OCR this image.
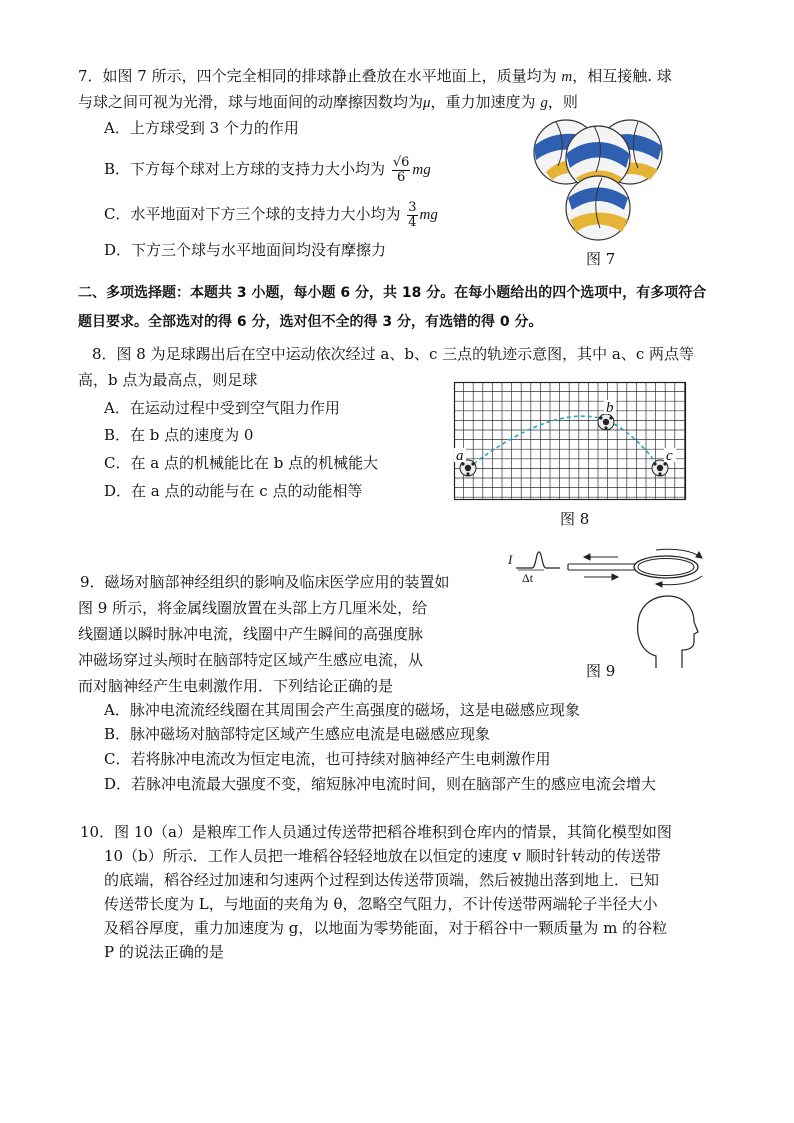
7．如图 7 所示，四个完全相同的排球静止叠放在水平地面上，质量均为 m，相互接触. 球
与球之间可视为光滑，球与地面间的动摩擦因数均为μ，重力加速度为 g，则
A．上方球受到 3 个力的作用
B．下方每个球对上方球的支持力大小均为 $\frac{√6}{6}$ mg
C．水平地面对下方三个球的支持力大小均为 $\frac{3}{4}$ mg
D．下方三个球与水平地面间均没有摩擦力	图 7
二、多项选择题：本题共 3 小题，每小题 6 分，共 18 分。在每小题给出的四个选项中，有多项符合
题目要求。全部选对的得 6 分，选对但不全的得 3 分，有选错的得 0 分。
8．图 8 为足球踢出后在空中运动依次经过 a、b、c 三点的轨迹示意图，其中 a、c 两点等
高，b 点为最高点，则足球
A．在运动过程中受到空气阻力作用
B．在 b 点的速度为 0
C．在 a 点的机械能比在 b 点的机械能大
D．在 a 点的动能与在 c 点的动能相等
a
b
c
图 8
9．磁场对脑部神经组织的影响及临床医学应用的装置如
图 9 所示，将金属线圈放置在头部上方几厘米处，给
线圈通以瞬时脉冲电流，线圈中产生瞬间的高强度脉
冲磁场穿过头颅时在脑部特定区域产生感应电流，从
而对脑神经产生电刺激作用．下列结论正确的是
A．脉冲电流流经线圈在其周围会产生高强度的磁场，这是电磁感应现象
B．脉冲磁场对脑部特定区域产生感应电流是电磁感应现象
C．若将脉冲电流改为恒定电流，也可持续对脑神经产生电刺激作用
D．若脉冲电流最大强度不变，缩短脉冲电流时间，则在脑部产生的感应电流会增大
I
Δt
图 9
10．图 10（a）是粮库工作人员通过传送带把稻谷堆积到仓库内的情景，其简化模型如图
10（b）所示．工作人员把一堆稻谷轻轻地放在以恒定的速度 v 顺时针转动的传送带
的底端，稻谷经过加速和匀速两个过程到达传送带顶端，然后被抛出落到地上．已知
传送带长度为 L，与地面的夹角为 θ，忽略空气阻力，不计传送带两端轮子半径大小
及稻谷厚度，重力加速度为 g，以地面为零势能面，对于稻谷中一颗质量为 m 的谷粒
P 的说法正确的是
